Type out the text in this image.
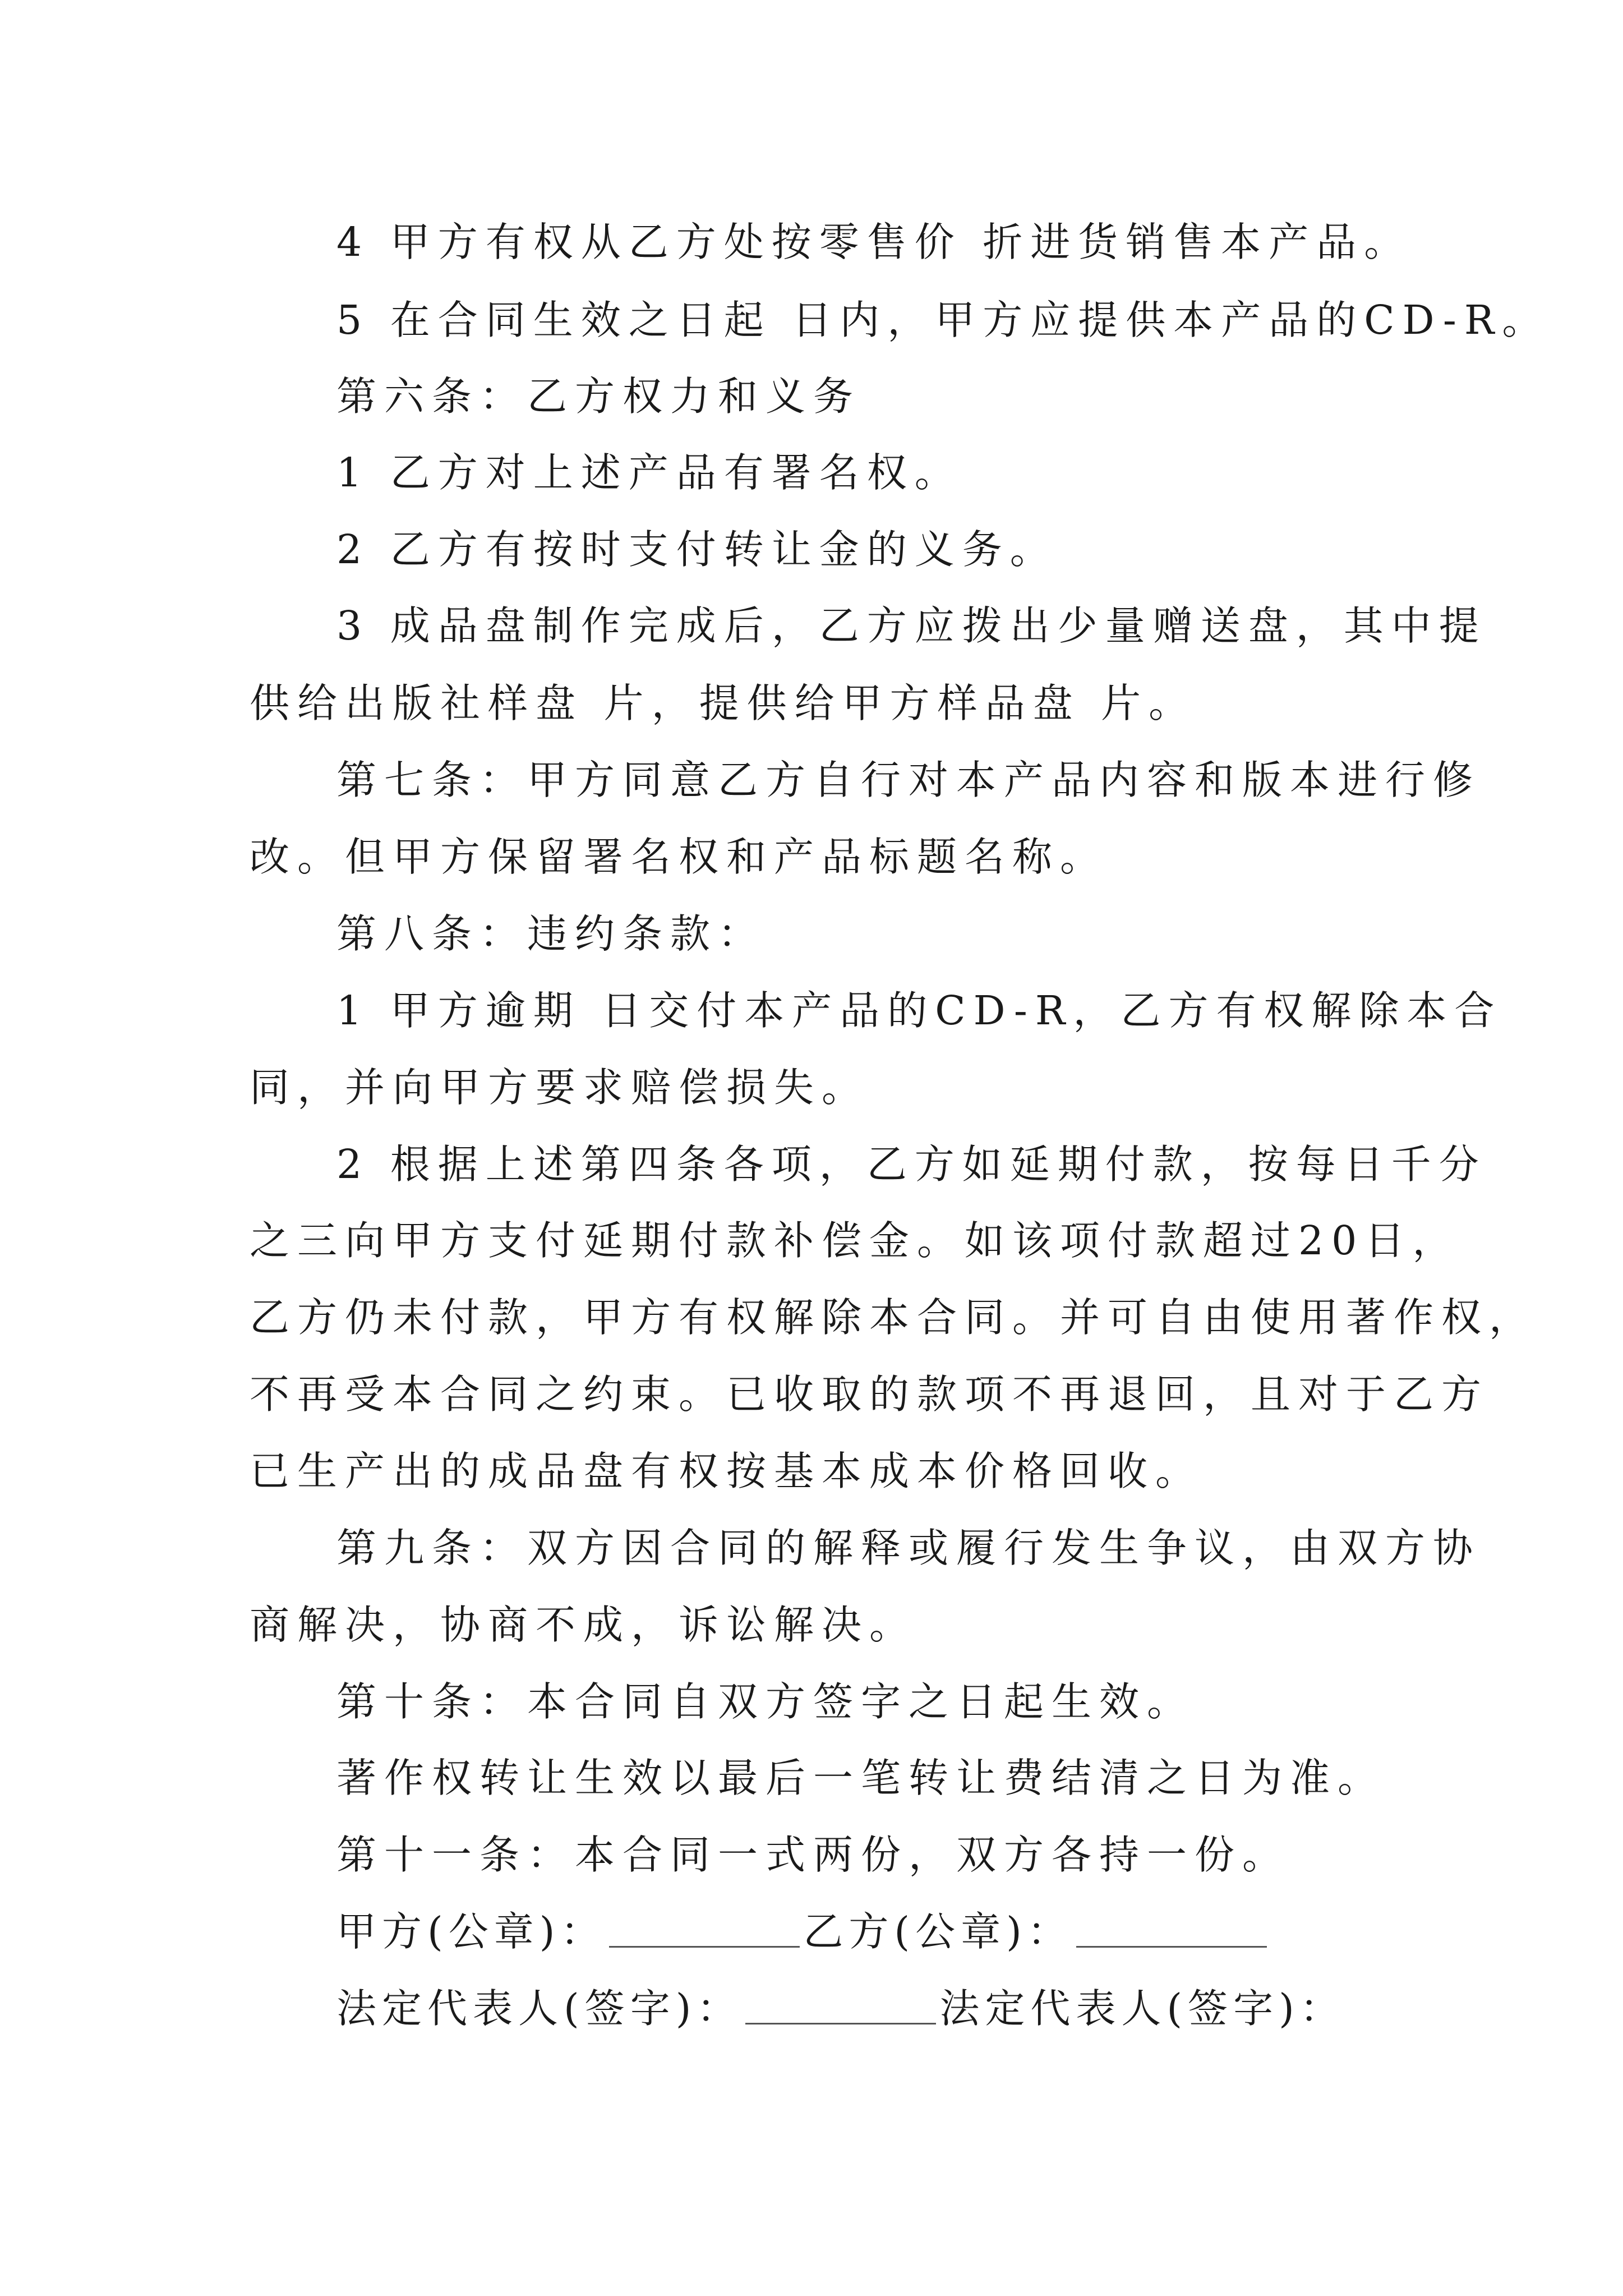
4 甲方有权从乙方处按零售价 折进货销售本产品。

5 在合同生效之日起 日内，甲方应提供本产品的CD-R。

第六条：乙方权力和义务

1 乙方对上述产品有署名权。

2 乙方有按时支付转让金的义务。

3 成品盘制作完成后，乙方应拨出少量赠送盘，其中提

供给出版社样盘 片，提供给甲方样品盘 片。

第七条：甲方同意乙方自行对本产品内容和版本进行修

改。但甲方保留署名权和产品标题名称。

第八条：违约条款：

1 甲方逾期 日交付本产品的CD-R，乙方有权解除本合

同，并向甲方要求赔偿损失。

2 根据上述第四条各项，乙方如延期付款，按每日千分

之三向甲方支付延期付款补偿金。如该项付款超过20日，

乙方仍未付款，甲方有权解除本合同。并可自由使用著作权，

不再受本合同之约束。已收取的款项不再退回，且对于乙方

已生产出的成品盘有权按基本成本价格回收。

第九条：双方因合同的解释或履行发生争议，由双方协

商解决，协商不成，诉讼解决。

第十条：本合同自双方签字之日起生效。

著作权转让生效以最后一笔转让费结清之日为准。

第十一条：本合同一式两份，双方各持一份。

甲方(公章)：	乙方(公章)：

法定代表人(签字)：	法定代表人(签字)：
